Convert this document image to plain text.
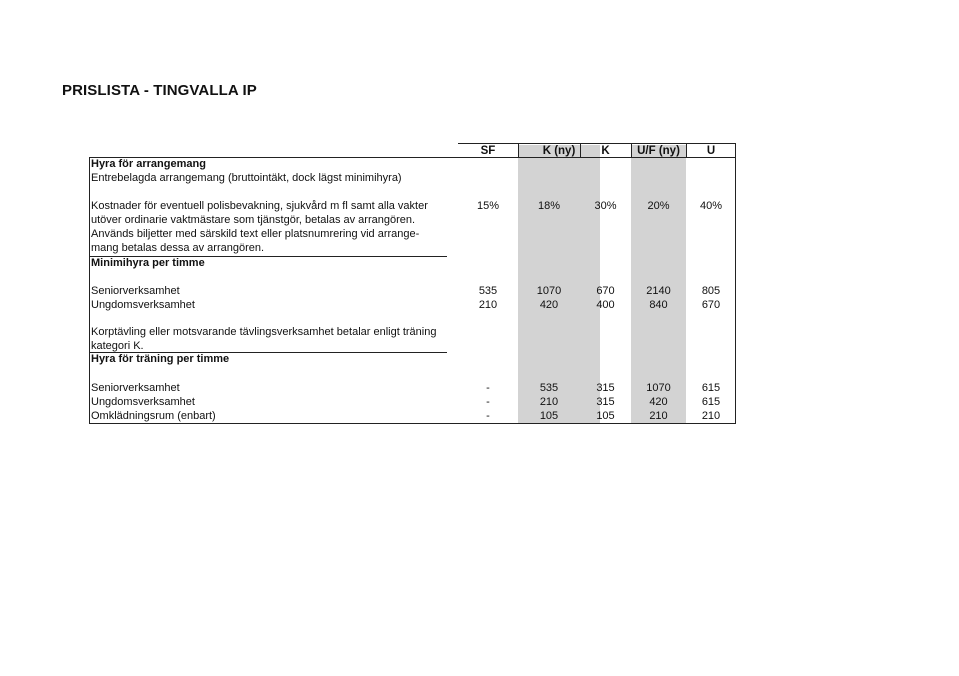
PRISLISTA - TINGVALLA IP
SF	K (ny)	K	U/F (ny)	U
Hyra för arrangemang
Entrebelagda arrangemang (bruttointäkt, dock lägst minimihyra)
Kostnader för eventuell polisbevakning, sjukvård m fl samt alla vakter
utöver ordinarie vaktmästare som tjänstgör, betalas av arrangören.
Används biljetter med särskild text eller platsnumrering vid arrange-
mang betalas dessa av arrangören.
15%	18%	30%	20%	40%
Minimihyra per timme
Seniorverksamhet	535	1070	670	2140	805
Ungdomsverksamhet	210	420	400	840	670
Korptävling eller motsvarande tävlingsverksamhet betalar enligt träning
kategori K.
Hyra för träning per timme
Seniorverksamhet	-	535	315	1070	615
Ungdomsverksamhet	-	210	315	420	615
Omklädningsrum (enbart)	-	105	105	210	210
